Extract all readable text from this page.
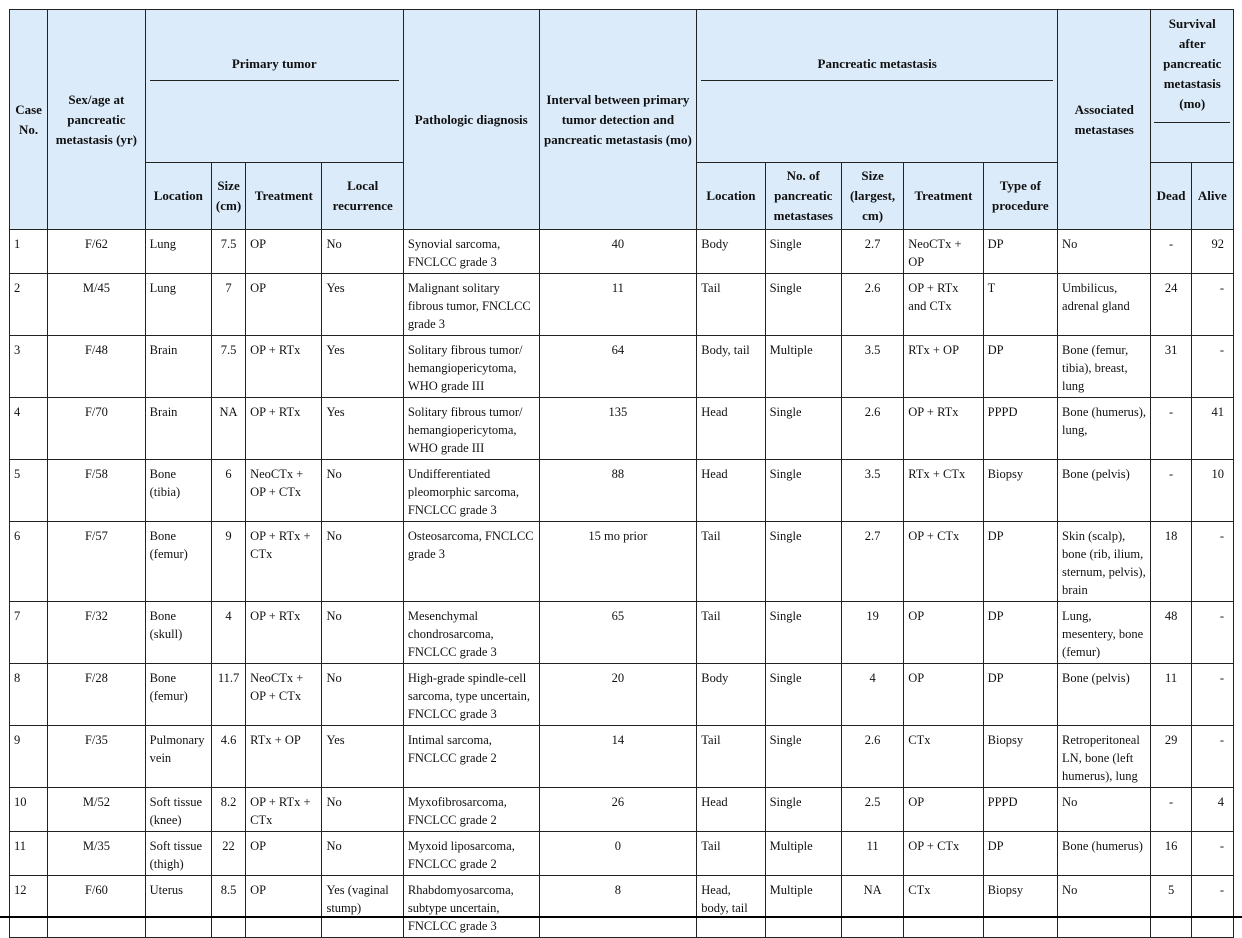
Case No.	Sex/age at pancreatic metastasis (yr)	Primary tumor				Pathologic diagnosis	Interval between primary tumor detection and pancreatic metastasis (mo)	Pancreatic metastasis					Associated metastases	Survival after pancreatic metastasis (mo)	

		Location	Size (cm)	Treatment	Local recurrence			Location	No. of pancreatic metastases	Size (largest, cm)	Treatment	Type of procedure		Dead	Alive
1	F/62	Lung	7.5	OP	No	Synovial sarcoma, FNCLCC grade 3	40	Body	Single	2.7	NeoCTx + OP	DP	No	-	92
2	M/45	Lung	7	OP	Yes	Malignant solitary fibrous tumor, FNCLCC grade 3	11	Tail	Single	2.6	OP + RTx and CTx	T	Umbilicus, adrenal gland	24	-
3	F/48	Brain	7.5	OP + RTx	Yes	Solitary fibrous tumor/ hemangiopericytoma, WHO grade III	64	Body, tail	Multiple	3.5	RTx + OP	DP	Bone (femur, tibia), breast, lung	31	-
4	F/70	Brain	NA	OP + RTx	Yes	Solitary fibrous tumor/ hemangiopericytoma, WHO grade III	135	Head	Single	2.6	OP + RTx	PPPD	Bone (humerus), lung,	-	41
5	F/58	Bone (tibia)	6	NeoCTx + OP + CTx	No	Undifferentiated pleomorphic sarcoma, FNCLCC grade 3	88	Head	Single	3.5	RTx + CTx	Biopsy	Bone (pelvis)	-	10
6	F/57	Bone (femur)	9	OP + RTx + CTx	No	Osteosarcoma, FNCLCC grade 3	15 mo prior	Tail	Single	2.7	OP + CTx	DP	Skin (scalp), bone (rib, ilium, sternum, pelvis), brain	18	-
7	F/32	Bone (skull)	4	OP + RTx	No	Mesenchymal chondrosarcoma, FNCLCC grade 3	65	Tail	Single	19	OP	DP	Lung, mesentery, bone (femur)	48	-
8	F/28	Bone (femur)	11.7	NeoCTx + OP + CTx	No	High-grade spindle-cell sarcoma, type uncertain, FNCLCC grade 3	20	Body	Single	4	OP	DP	Bone (pelvis)	11	-
9	F/35	Pulmonary vein	4.6	RTx + OP	Yes	Intimal sarcoma, FNCLCC grade 2	14	Tail	Single	2.6	CTx	Biopsy	Retroperitoneal LN, bone (left humerus), lung	29	-
10	M/52	Soft tissue (knee)	8.2	OP + RTx + CTx	No	Myxofibrosarcoma, FNCLCC grade 2	26	Head	Single	2.5	OP	PPPD	No	-	4
11	M/35	Soft tissue (thigh)	22	OP	No	Myxoid liposarcoma, FNCLCC grade 2	0	Tail	Multiple	11	OP + CTx	DP	Bone (humerus)	16	-
12	F/60	Uterus	8.5	OP	Yes (vaginal stump)	Rhabdomyosarcoma, subtype uncertain, FNCLCC grade 3	8	Head, body, tail	Multiple	NA	CTx	Biopsy	No	5	-
